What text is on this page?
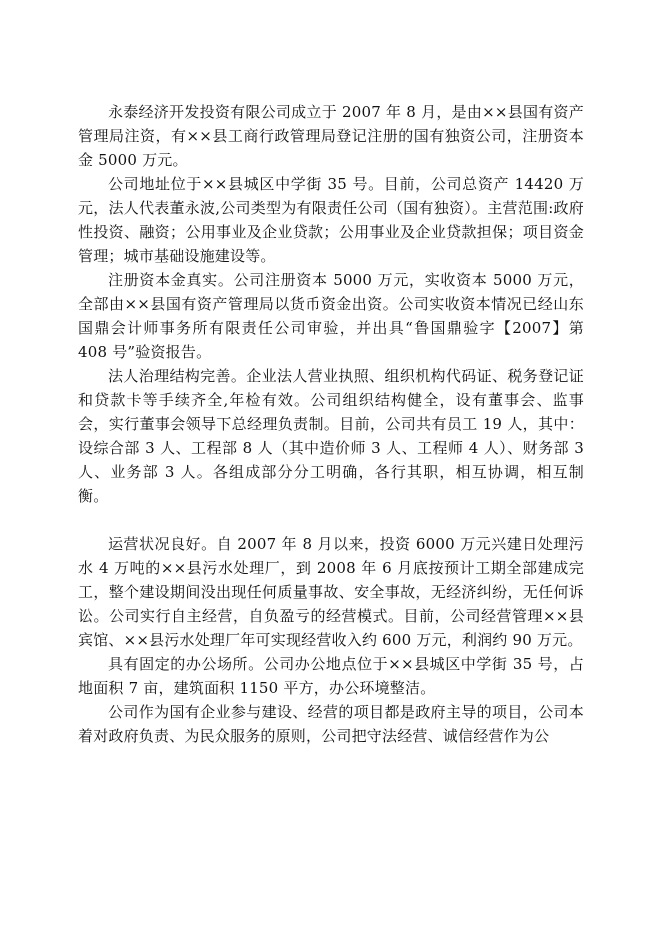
永泰经济开发投资有限公司成立于 2007 年 8 月，是由××县国有资产管理局注资，有××县工商行政管理局登记注册的国有独资公司，注册资本金 5000 万元。

公司地址位于××县城区中学街 35 号。目前，公司总资产 14420 万元，法人代表董永波,公司类型为有限责任公司（国有独资）。主营范围:政府性投资、融资；公用事业及企业贷款；公用事业及企业贷款担保；项目资金管理；城市基础设施建设等。

注册资本金真实。公司注册资本 5000 万元，实收资本 5000 万元，全部由××县国有资产管理局以货币资金出资。公司实收资本情况已经山东国鼎会计师事务所有限责任公司审验，并出具“鲁国鼎验字【2007】第 408 号”验资报告。

法人治理结构完善。企业法人营业执照、组织机构代码证、税务登记证和贷款卡等手续齐全,年检有效。公司组织结构健全，设有董事会、监事会，实行董事会领导下总经理负责制。目前，公司共有员工 19 人，其中：设综合部 3 人、工程部 8 人（其中造价师 3 人、工程师 4 人）、财务部 3 人、业务部 3 人。各组成部分分工明确，各行其职，相互协调，相互制衡。

运营状况良好。自 2007 年 8 月以来，投资 6000 万元兴建日处理污水 4 万吨的××县污水处理厂，到 2008 年 6 月底按预计工期全部建成完工，整个建设期间没出现任何质量事故、安全事故，无经济纠纷，无任何诉讼。公司实行自主经营，自负盈亏的经营模式。目前，公司经营管理××县宾馆、××县污水处理厂年可实现经营收入约 600 万元，利润约 90 万元。

具有固定的办公场所。公司办公地点位于××县城区中学街 35 号，占地面积 7 亩，建筑面积 1150 平方，办公环境整洁。

公司作为国有企业参与建设、经营的项目都是政府主导的项目，公司本着对政府负责、为民众服务的原则，公司把守法经营、诚信经营作为公
